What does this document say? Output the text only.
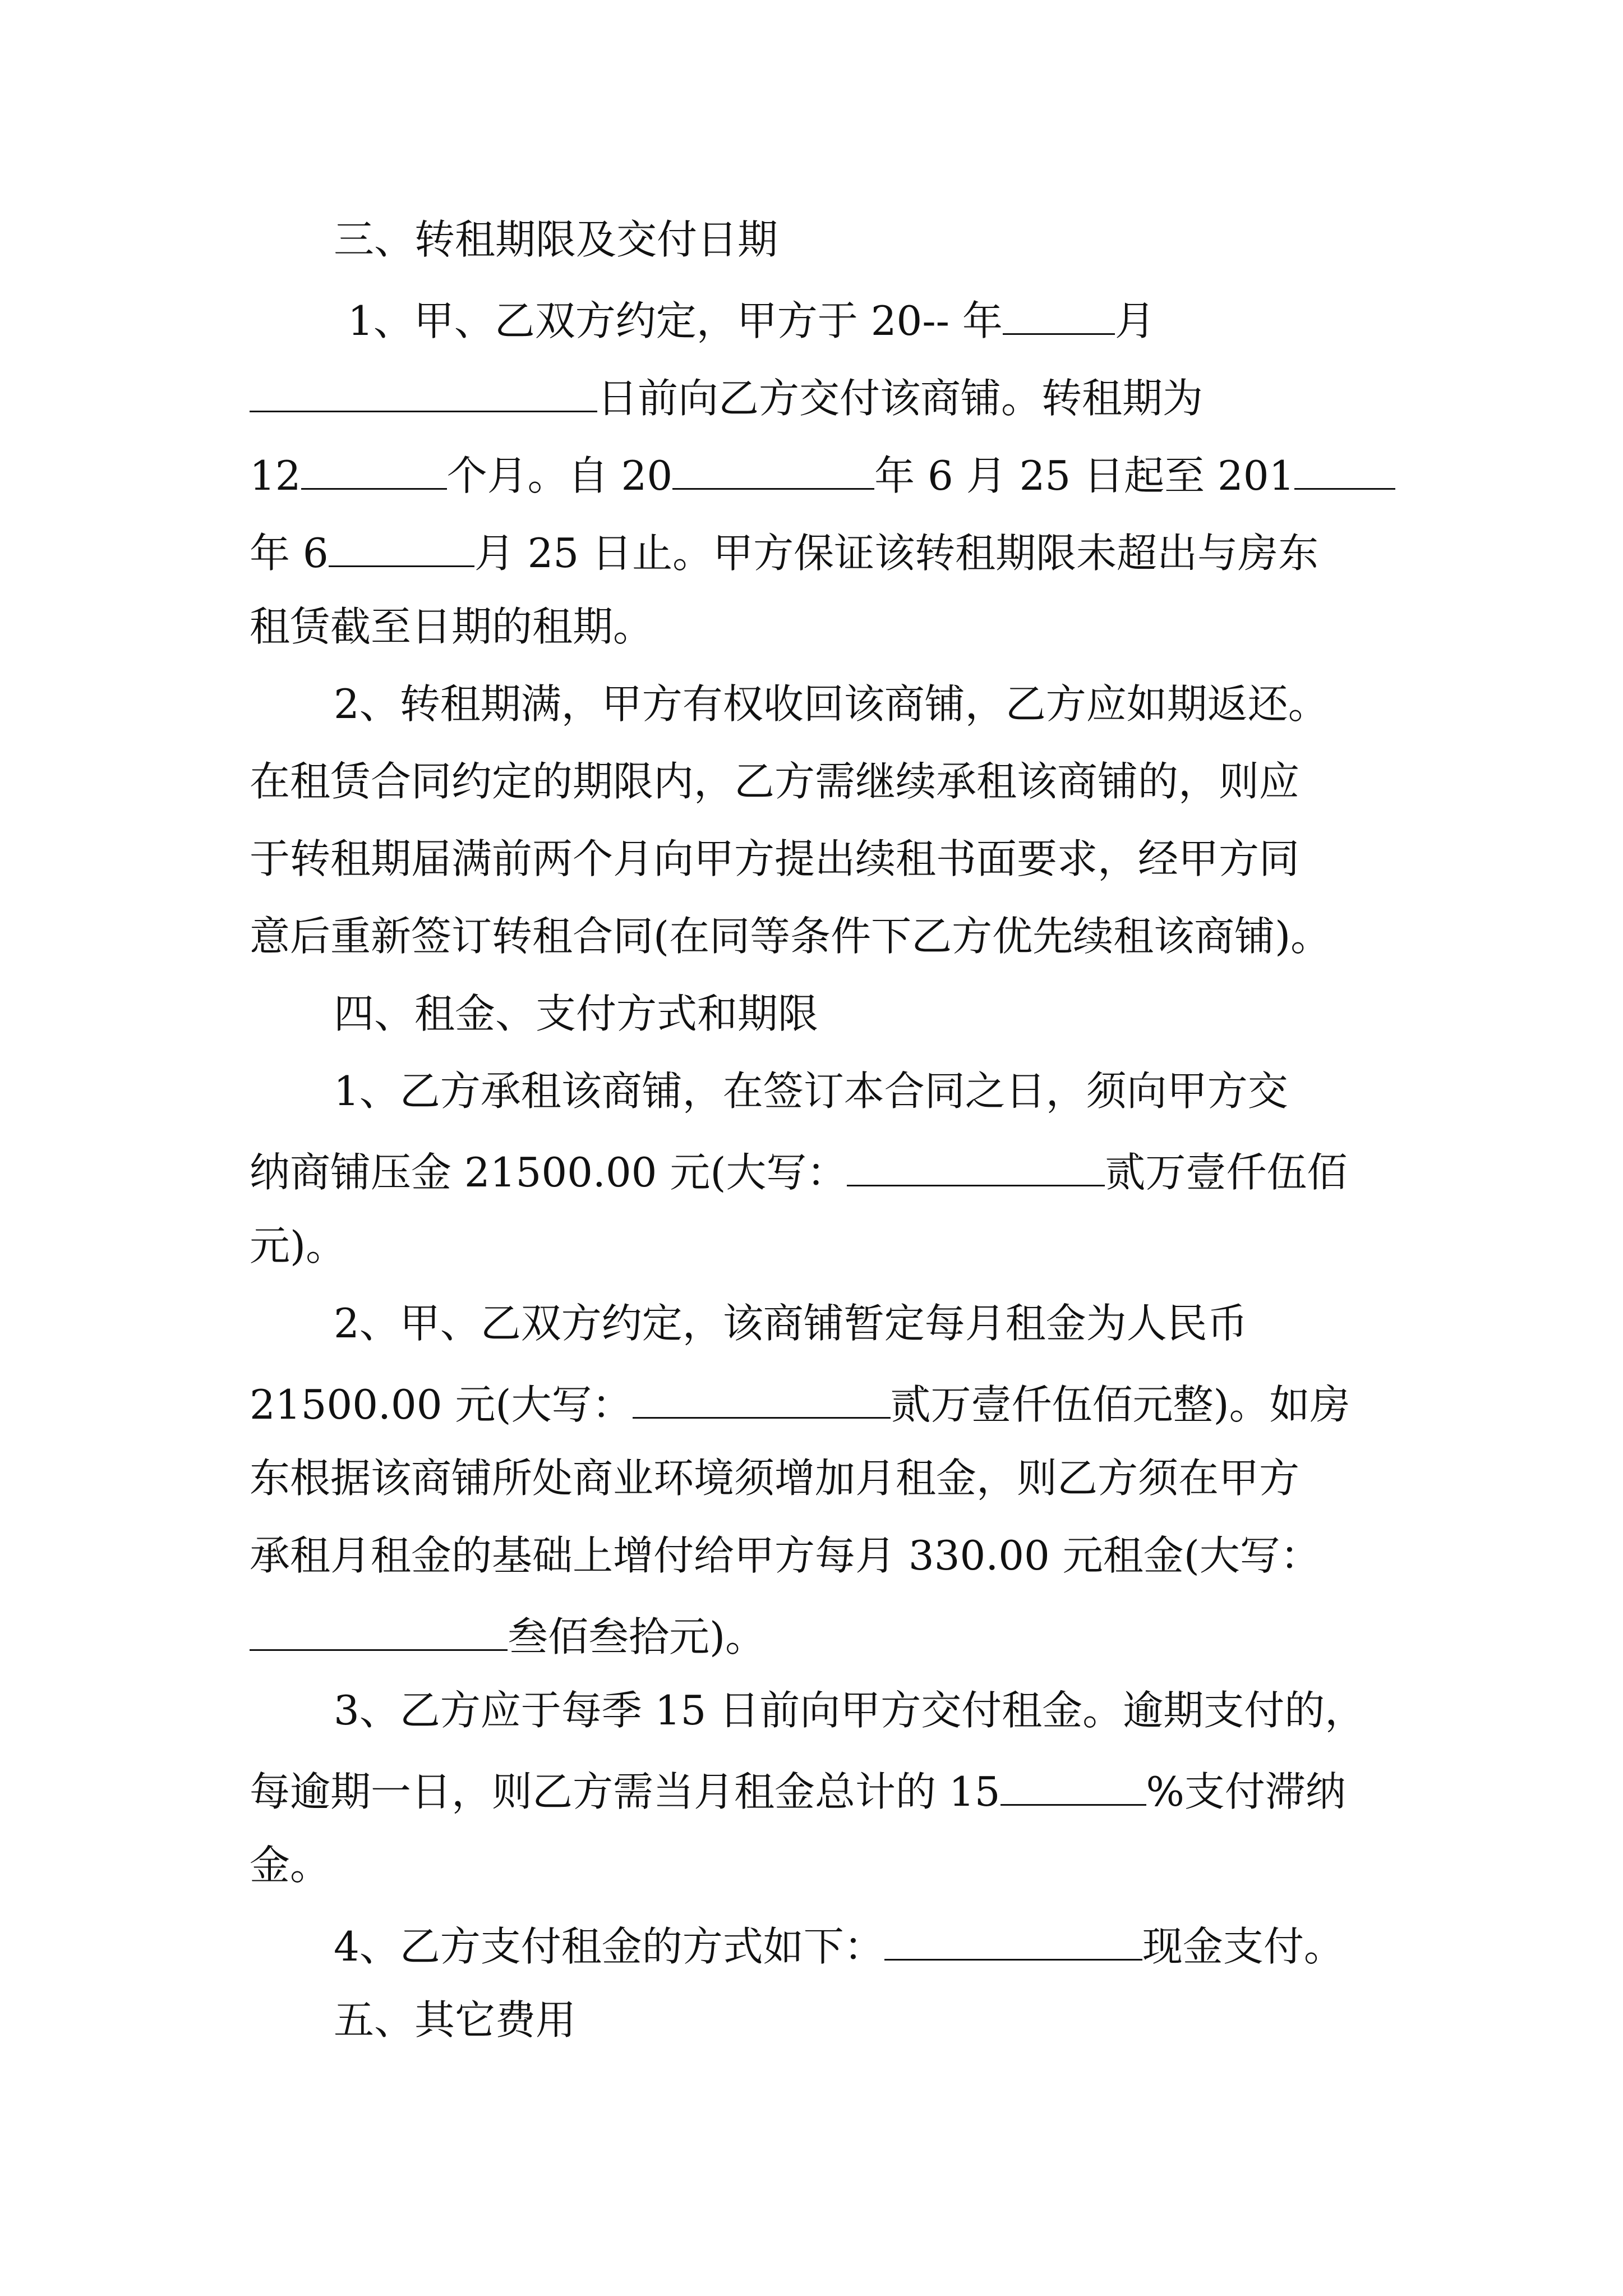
三、转租期限及交付日期
1、甲、乙双方约定，甲方于 20-- 年	月
日前向乙方交付该商铺。转租期为
12	个月。自 20	年 6 月 25 日起至 201
年 6	月 25 日止。甲方保证该转租期限未超出与房东
租赁截至日期的租期。
2、转租期满，甲方有权收回该商铺，乙方应如期返还。
在租赁合同约定的期限内，乙方需继续承租该商铺的，则应
于转租期届满前两个月向甲方提出续租书面要求，经甲方同
意后重新签订转租合同(在同等条件下乙方优先续租该商铺)。
四、租金、支付方式和期限
1、乙方承租该商铺，在签订本合同之日，须向甲方交
纳商铺压金 21500.00 元(大写：	贰万壹仟伍佰
元)。
2、甲、乙双方约定，该商铺暂定每月租金为人民币
21500.00 元(大写：	贰万壹仟伍佰元整)。如房
东根据该商铺所处商业环境须增加月租金，则乙方须在甲方
承租月租金的基础上增付给甲方每月 330.00 元租金(大写：
叁佰叁拾元)。
3、乙方应于每季 15 日前向甲方交付租金。逾期支付的，
每逾期一日，则乙方需当月租金总计的 15	%支付滞纳
金。
4、乙方支付租金的方式如下：	现金支付。
五、其它费用
